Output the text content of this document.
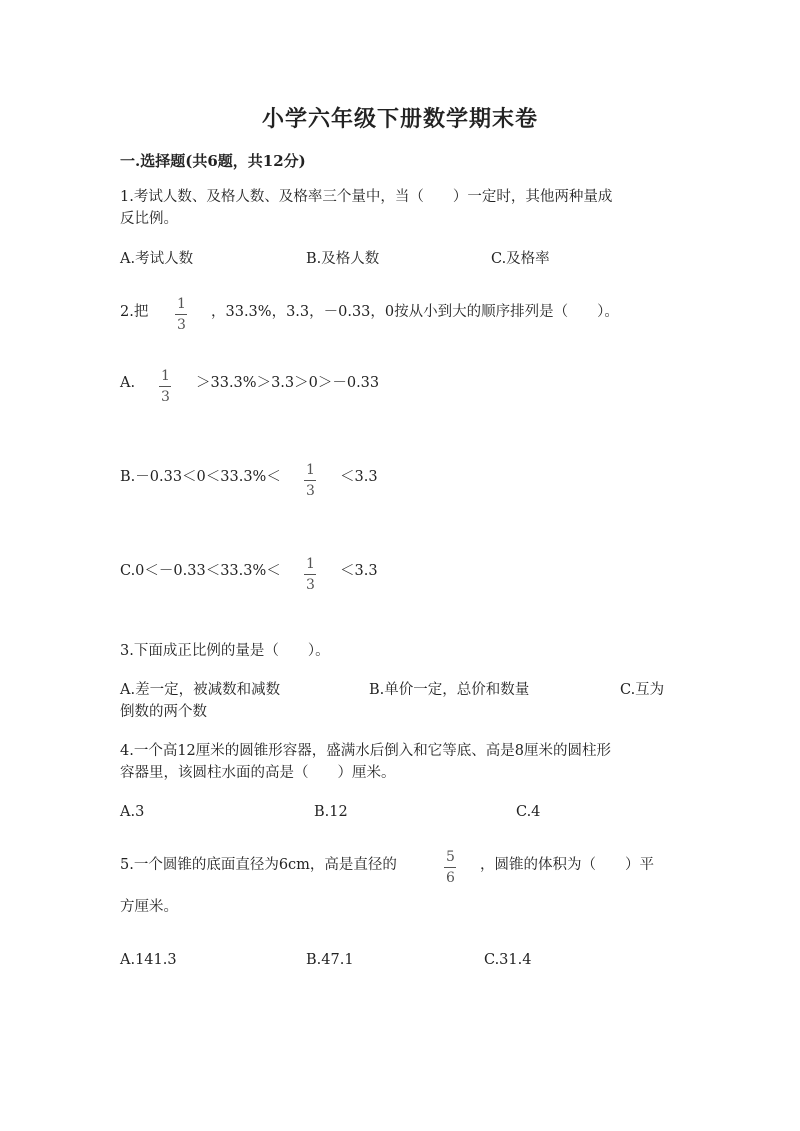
小学六年级下册数学期末卷
一.选择题(共6题，共12分)
1.考试人数、及格人数、及格率三个量中，当（　　）一定时，其他两种量成
反比例。
A.考试人数	B.及格人数	C.及格率
2.把 1
3
，33.3%，3.3，－0.33，0按从小到大的顺序排列是（　　）。
A. 1
3
＞33.3%＞3.3＞0＞－0.33
B.－0.33＜0＜33.3%＜ 1
3
＜3.3
C.0＜－0.33＜33.3%＜ 1
3
＜3.3
3.下面成正比例的量是（　　）。
A.差一定，被减数和减数	B.单价一定，总价和数量	C.互为
倒数的两个数
4.一个高12厘米的圆锥形容器，盛满水后倒入和它等底、高是8厘米的圆柱形
容器里，该圆柱水面的高是（　　）厘米。
A.3	B.12	C.4
5.一个圆锥的底面直径为6cm，高是直径的	5
6
，圆锥的体积为（　　）平
方厘米。
A.141.3	B.47.1	C.31.4
